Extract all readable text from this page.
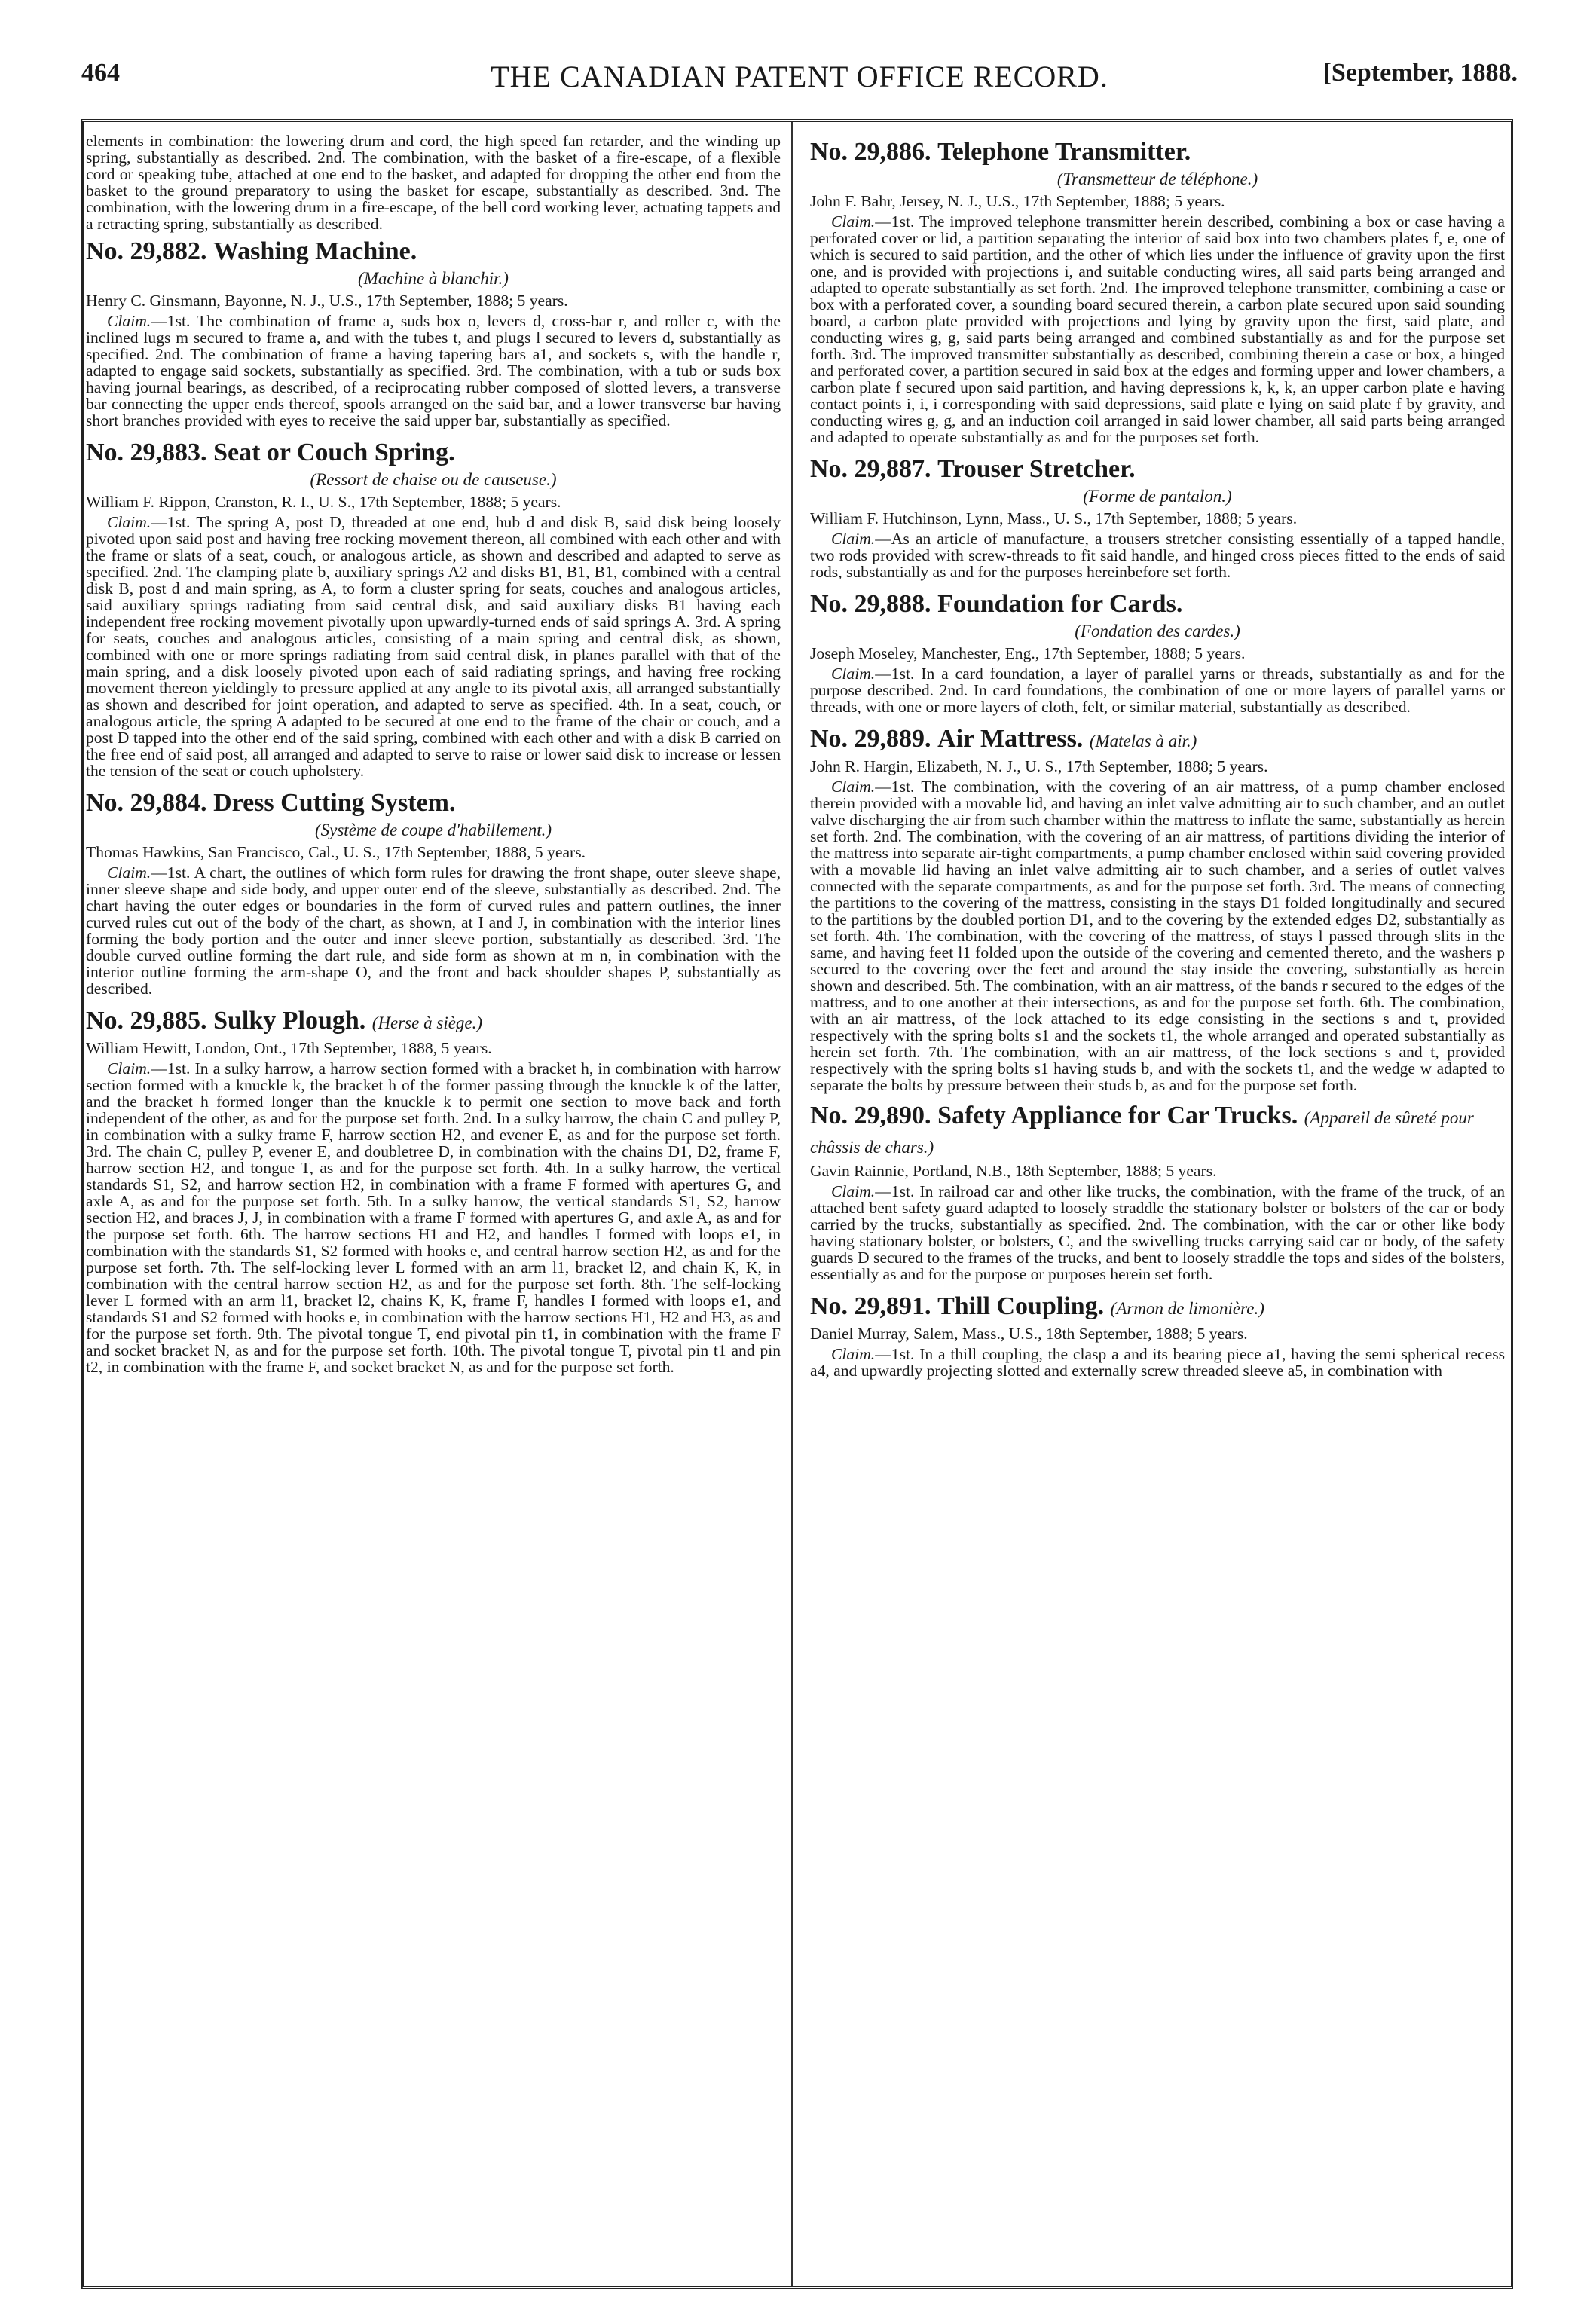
464	THE CANADIAN PATENT OFFICE RECORD.	[September, 1888.

elements in combination: the lowering drum and cord, the high speed fan retarder, and the winding up spring, substantially as described. 2nd. The combination, with the basket of a fire-escape, of a flexible cord or speaking tube, attached at one end to the basket, and adapted for dropping the other end from the basket to the ground preparatory to using the basket for escape, substantially as described. 3nd. The combination, with the lowering drum in a fire-escape, of the bell cord working lever, actuating tappets and a retracting spring, substantially as described.

No. 29,882. Washing Machine.
(Machine à blanchir.)
Henry C. Ginsmann, Bayonne, N. J., U.S., 17th September, 1888; 5 years.

Claim.—1st. The combination of frame a, suds box o, levers d, cross-bar r, and roller c, with the inclined lugs m secured to frame a, and with the tubes t, and plugs l secured to levers d, substantially as specified. 2nd. The combination of frame a having tapering bars a1, and sockets s, with the handle r, adapted to engage said sockets, substantially as specified. 3rd. The combination, with a tub or suds box having journal bearings, as described, of a reciprocating rubber composed of slotted levers, a transverse bar connecting the upper ends thereof, spools arranged on the said bar, and a lower transverse bar having short branches provided with eyes to receive the said upper bar, substantially as specified.

No. 29,883. Seat or Couch Spring.
(Ressort de chaise ou de causeuse.)
William F. Rippon, Cranston, R. I., U. S., 17th September, 1888; 5 years.

Claim.—1st. The spring A, post D, threaded at one end, hub d and disk B, said disk being loosely pivoted upon said post and having free rocking movement thereon, all combined with each other and with the frame or slats of a seat, couch, or analogous article, as shown and described and adapted to serve as specified. 2nd. The clamping plate b, auxiliary springs A2 and disks B1, B1, B1, combined with a central disk B, post d and main spring, as A, to form a cluster spring for seats, couches and analogous articles, said auxiliary springs radiating from said central disk, and said auxiliary disks B1 having each independent free rocking movement pivotally upon upwardly-turned ends of said springs A. 3rd. A spring for seats, couches and analogous articles, consisting of a main spring and central disk, as shown, combined with one or more springs radiating from said central disk, in planes parallel with that of the main spring, and a disk loosely pivoted upon each of said radiating springs, and having free rocking movement thereon yieldingly to pressure applied at any angle to its pivotal axis, all arranged substantially as shown and described for joint operation, and adapted to serve as specified. 4th. In a seat, couch, or analogous article, the spring A adapted to be secured at one end to the frame of the chair or couch, and a post D tapped into the other end of the said spring, combined with each other and with a disk B carried on the free end of said post, all arranged and adapted to serve to raise or lower said disk to increase or lessen the tension of the seat or couch upholstery.

No. 29,884. Dress Cutting System.
(Système de coupe d'habillement.)
Thomas Hawkins, San Francisco, Cal., U. S., 17th September, 1888, 5 years.

Claim.—1st. A chart, the outlines of which form rules for drawing the front shape, outer sleeve shape, inner sleeve shape and side body, and upper outer end of the sleeve, substantially as described. 2nd. The chart having the outer edges or boundaries in the form of curved rules and pattern outlines, the inner curved rules cut out of the body of the chart, as shown, at I and J, in combination with the interior lines forming the body portion and the outer and inner sleeve portion, substantially as described. 3rd. The double curved outline forming the dart rule, and side form as shown at m n, in combination with the interior outline forming the arm-shape O, and the front and back shoulder shapes P, substantially as described.

No. 29,885. Sulky Plough. (Herse à siège.)
William Hewitt, London, Ont., 17th September, 1888, 5 years.

Claim.—1st. In a sulky harrow, a harrow section formed with a bracket h, in combination with harrow section formed with a knuckle k, the bracket h of the former passing through the knuckle k of the latter, and the bracket h formed longer than the knuckle k to permit one section to move back and forth independent of the other, as and for the purpose set forth. 2nd. In a sulky harrow, the chain C and pulley P, in combination with a sulky frame F, harrow section H2, and evener E, as and for the purpose set forth. 3rd. The chain C, pulley P, evener E, and doubletree D, in combination with the chains D1, D2, frame F, harrow section H2, and tongue T, as and for the purpose set forth. 4th. In a sulky harrow, the vertical standards S1, S2, and harrow section H2, in combination with a frame F formed with apertures G, and axle A, as and for the purpose set forth. 5th. In a sulky harrow, the vertical standards S1, S2, harrow section H2, and braces J, J, in combination with a frame F formed with apertures G, and axle A, as and for the purpose set forth. 6th. The harrow sections H1 and H2, and handles I formed with loops e1, in combination with the standards S1, S2 formed with hooks e, and central harrow section H2, as and for the purpose set forth. 7th. The self-locking lever L formed with an arm l1, bracket l2, and chain K, K, in combination with the central harrow section H2, as and for the purpose set forth. 8th. The self-locking lever L formed with an arm l1, bracket l2, chains K, K, frame F, handles I formed with loops e1, and standards S1 and S2 formed with hooks e, in combination with the harrow sections H1, H2 and H3, as and for the purpose set forth. 9th. The pivotal tongue T, end pivotal pin t1, in combination with the frame F and socket bracket N, as and for the purpose set forth. 10th. The pivotal tongue T, pivotal pin t1 and pin t2, in combination with the frame F, and socket bracket N, as and for the purpose set forth.

No. 29,886. Telephone Transmitter.
(Transmetteur de téléphone.)
John F. Bahr, Jersey, N. J., U.S., 17th September, 1888; 5 years.

Claim.—1st. The improved telephone transmitter herein described, combining a box or case having a perforated cover or lid, a partition separating the interior of said box into two chambers plates f, e, one of which is secured to said partition, and the other of which lies under the influence of gravity upon the first one, and is provided with projections i, and suitable conducting wires, all said parts being arranged and adapted to operate substantially as set forth. 2nd. The improved telephone transmitter, combining a case or box with a perforated cover, a sounding board secured therein, a carbon plate secured upon said sounding board, a carbon plate provided with projections and lying by gravity upon the first, said plate, and conducting wires g, g, said parts being arranged and combined substantially as and for the purpose set forth. 3rd. The improved transmitter substantially as described, combining therein a case or box, a hinged and perforated cover, a partition secured in said box at the edges and forming upper and lower chambers, a carbon plate f secured upon said partition, and having depressions k, k, k, an upper carbon plate e having contact points i, i, i corresponding with said depressions, said plate e lying on said plate f by gravity, and conducting wires g, g, and an induction coil arranged in said lower chamber, all said parts being arranged and adapted to operate substantially as and for the purposes set forth.

No. 29,887. Trouser Stretcher.
(Forme de pantalon.)
William F. Hutchinson, Lynn, Mass., U. S., 17th September, 1888; 5 years.

Claim.—As an article of manufacture, a trousers stretcher consisting essentially of a tapped handle, two rods provided with screw-threads to fit said handle, and hinged cross pieces fitted to the ends of said rods, substantially as and for the purposes hereinbefore set forth.

No. 29,888. Foundation for Cards.
(Fondation des cardes.)
Joseph Moseley, Manchester, Eng., 17th September, 1888; 5 years.

Claim.—1st. In a card foundation, a layer of parallel yarns or threads, substantially as and for the purpose described. 2nd. In card foundations, the combination of one or more layers of parallel yarns or threads, with one or more layers of cloth, felt, or similar material, substantially as described.

No. 29,889. Air Mattress. (Matelas à air.)
John R. Hargin, Elizabeth, N. J., U. S., 17th September, 1888; 5 years.

Claim.—1st. The combination, with the covering of an air mattress, of a pump chamber enclosed therein provided with a movable lid, and having an inlet valve admitting air to such chamber, and an outlet valve discharging the air from such chamber within the mattress to inflate the same, substantially as herein set forth. 2nd. The combination, with the covering of an air mattress, of partitions dividing the interior of the mattress into separate air-tight compartments, a pump chamber enclosed within said covering provided with a movable lid having an inlet valve admitting air to such chamber, and a series of outlet valves connected with the separate compartments, as and for the purpose set forth. 3rd. The means of connecting the partitions to the covering of the mattress, consisting in the stays D1 folded longitudinally and secured to the partitions by the doubled portion D1, and to the covering by the extended edges D2, substantially as set forth. 4th. The combination, with the covering of the mattress, of stays l passed through slits in the same, and having feet l1 folded upon the outside of the covering and cemented thereto, and the washers p secured to the covering over the feet and around the stay inside the covering, substantially as herein shown and described. 5th. The combination, with an air mattress, of the bands r secured to the edges of the mattress, and to one another at their intersections, as and for the purpose set forth. 6th. The combination, with an air mattress, of the lock attached to its edge consisting in the sections s and t, provided respectively with the spring bolts s1 and the sockets t1, the whole arranged and operated substantially as herein set forth. 7th. The combination, with an air mattress, of the lock sections s and t, provided respectively with the spring bolts s1 having studs b, and with the sockets t1, and the wedge w adapted to separate the bolts by pressure between their studs b, as and for the purpose set forth.

No. 29,890. Safety Appliance for Car Trucks. (Appareil de sûreté pour châssis de chars.)
Gavin Rainnie, Portland, N.B., 18th September, 1888; 5 years.

Claim.—1st. In railroad car and other like trucks, the combination, with the frame of the truck, of an attached bent safety guard adapted to loosely straddle the stationary bolster or bolsters of the car or body carried by the trucks, substantially as specified. 2nd. The combination, with the car or other like body having stationary bolster, or bolsters, C, and the swivelling trucks carrying said car or body, of the safety guards D secured to the frames of the trucks, and bent to loosely straddle the tops and sides of the bolsters, essentially as and for the purpose or purposes herein set forth.

No. 29,891. Thill Coupling. (Armon de limonière.)
Daniel Murray, Salem, Mass., U.S., 18th September, 1888; 5 years.

Claim.—1st. In a thill coupling, the clasp a and its bearing piece a1, having the semi spherical recess a4, and upwardly projecting slotted and externally screw threaded sleeve a5, in combination with
